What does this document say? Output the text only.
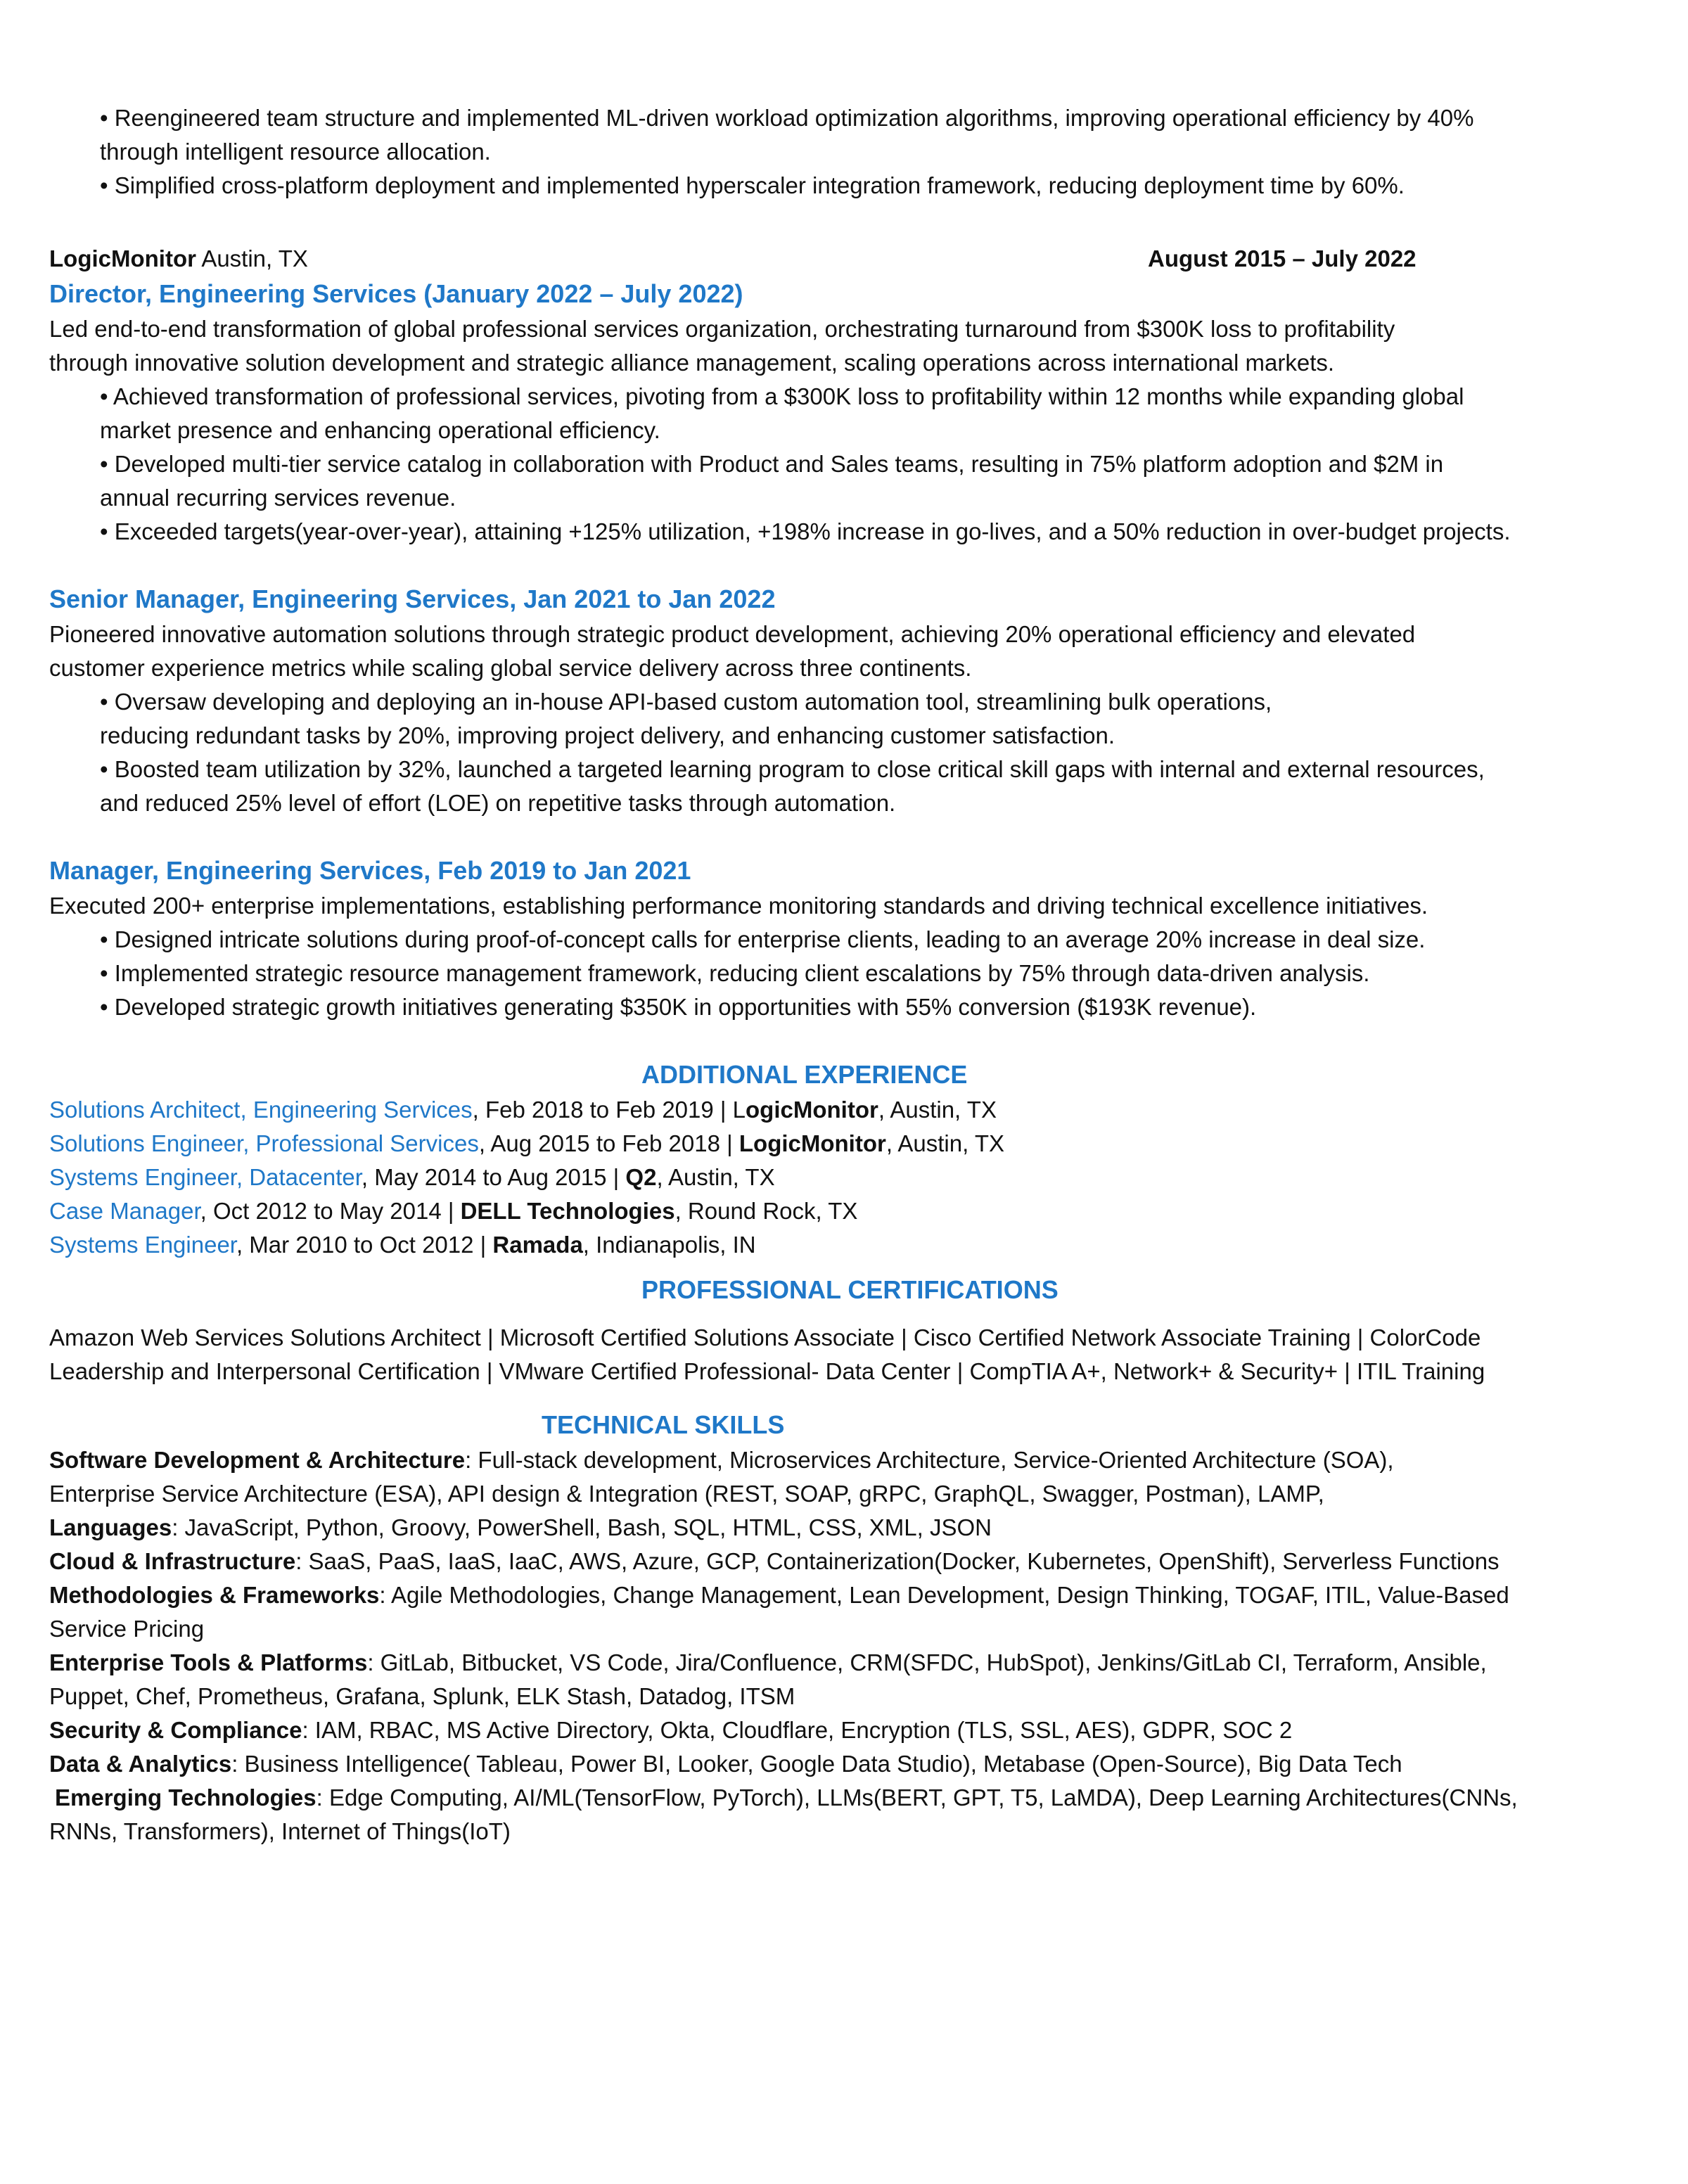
• Reengineered team structure and implemented ML-driven workload optimization algorithms, improving operational efficiency by 40%
through intelligent resource allocation.
• Simplified cross-platform deployment and implemented hyperscaler integration framework, reducing deployment time by 60%.
LogicMonitor Austin, TX	August 2015 – July 2022
Director, Engineering Services (January 2022 – July 2022)
Led end-to-end transformation of global professional services organization, orchestrating turnaround from $300K loss to profitability
through innovative solution development and strategic alliance management, scaling operations across international markets.
• Achieved transformation of professional services, pivoting from a $300K loss to profitability within 12 months while expanding global
market presence and enhancing operational efficiency.
• Developed multi-tier service catalog in collaboration with Product and Sales teams, resulting in 75% platform adoption and $2M in
annual recurring services revenue.
• Exceeded targets(year-over-year), attaining +125% utilization, +198% increase in go-lives, and a 50% reduction in over-budget projects.
Senior Manager, Engineering Services, Jan 2021 to Jan 2022
Pioneered innovative automation solutions through strategic product development, achieving 20% operational efficiency and elevated
customer experience metrics while scaling global service delivery across three continents.
• Oversaw developing and deploying an in-house API-based custom automation tool, streamlining bulk operations,
reducing redundant tasks by 20%, improving project delivery, and enhancing customer satisfaction.
• Boosted team utilization by 32%, launched a targeted learning program to close critical skill gaps with internal and external resources,
and reduced 25% level of effort (LOE) on repetitive tasks through automation.
Manager, Engineering Services, Feb 2019 to Jan 2021
Executed 200+ enterprise implementations, establishing performance monitoring standards and driving technical excellence initiatives.
• Designed intricate solutions during proof-of-concept calls for enterprise clients, leading to an average 20% increase in deal size.
• Implemented strategic resource management framework, reducing client escalations by 75% through data-driven analysis.
• Developed strategic growth initiatives generating $350K in opportunities with 55% conversion ($193K revenue).
ADDITIONAL EXPERIENCE
Solutions Architect, Engineering Services, Feb 2018 to Feb 2019 | LogicMonitor, Austin, TX
Solutions Engineer, Professional Services, Aug 2015 to Feb 2018 | LogicMonitor, Austin, TX
Systems Engineer, Datacenter, May 2014 to Aug 2015 | Q2, Austin, TX
Case Manager, Oct 2012 to May 2014 | DELL Technologies, Round Rock, TX
Systems Engineer, Mar 2010 to Oct 2012 | Ramada, Indianapolis, IN
PROFESSIONAL CERTIFICATIONS
Amazon Web Services Solutions Architect | Microsoft Certified Solutions Associate | Cisco Certified Network Associate Training | ColorCode
Leadership and Interpersonal Certification | VMware Certified Professional- Data Center | CompTIA A+, Network+ & Security+ | ITIL Training
TECHNICAL SKILLS
Software Development & Architecture: Full-stack development, Microservices Architecture, Service-Oriented Architecture (SOA),
Enterprise Service Architecture (ESA), API design & Integration (REST, SOAP, gRPC, GraphQL, Swagger, Postman), LAMP,
Languages: JavaScript, Python, Groovy, PowerShell, Bash, SQL, HTML, CSS, XML, JSON
Cloud & Infrastructure: SaaS, PaaS, IaaS, IaaC, AWS, Azure, GCP, Containerization(Docker, Kubernetes, OpenShift), Serverless Functions
Methodologies & Frameworks: Agile Methodologies, Change Management, Lean Development, Design Thinking, TOGAF, ITIL, Value-Based
Service Pricing
Enterprise Tools & Platforms: GitLab, Bitbucket, VS Code, Jira/Confluence, CRM(SFDC, HubSpot), Jenkins/GitLab CI, Terraform, Ansible,
Puppet, Chef, Prometheus, Grafana, Splunk, ELK Stash, Datadog, ITSM
Security & Compliance: IAM, RBAC, MS Active Directory, Okta, Cloudflare, Encryption (TLS, SSL, AES), GDPR, SOC 2
Data & Analytics: Business Intelligence( Tableau, Power BI, Looker, Google Data Studio), Metabase (Open-Source), Big Data Tech
Emerging Technologies: Edge Computing, AI/ML(TensorFlow, PyTorch), LLMs(BERT, GPT, T5, LaMDA), Deep Learning Architectures(CNNs,
RNNs, Transformers), Internet of Things(IoT)
